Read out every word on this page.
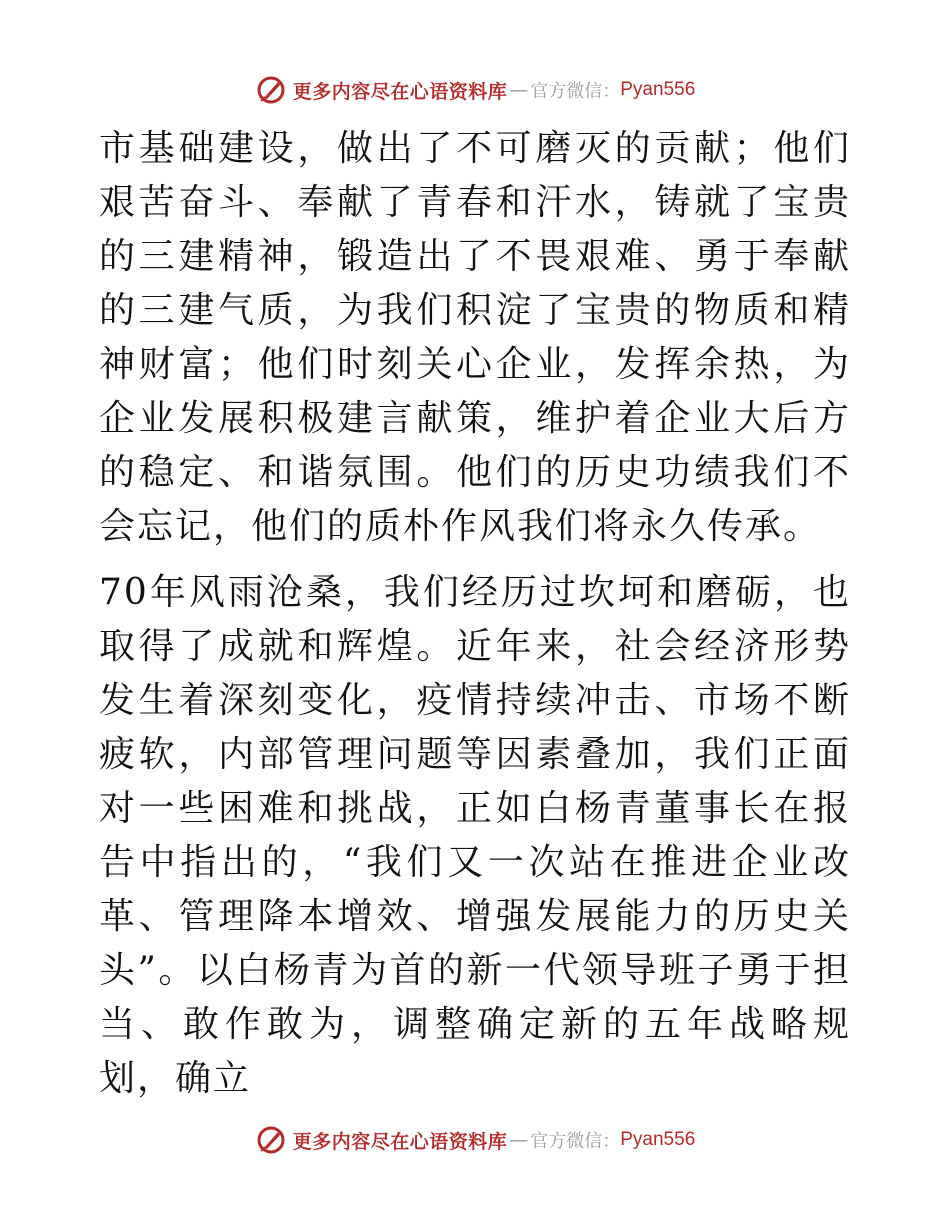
更多内容尽在心语资料库 — 官方微信： Pyan556

市基础建设，做出了不可磨灭的贡献；他们艰苦奋斗、奉献了青春和汗水，铸就了宝贵的三建精神，锻造出了不畏艰难、勇于奉献的三建气质，为我们积淀了宝贵的物质和精神财富；他们时刻关心企业，发挥余热，为企业发展积极建言献策，维护着企业大后方的稳定、和谐氛围。他们的历史功绩我们不会忘记，他们的质朴作风我们将永久传承。

70年风雨沧桑，我们经历过坎坷和磨砺，也取得了成就和辉煌。近年来，社会经济形势发生着深刻变化，疫情持续冲击、市场不断疲软，内部管理问题等因素叠加，我们正面对一些困难和挑战，正如白杨青董事长在报告中指出的，“我们又一次站在推进企业改革、管理降本增效、增强发展能力的历史关头”。以白杨青为首的新一代领导班子勇于担当、敢作敢为，调整确定新的五年战略规划，确立

更多内容尽在心语资料库 — 官方微信： Pyan556
